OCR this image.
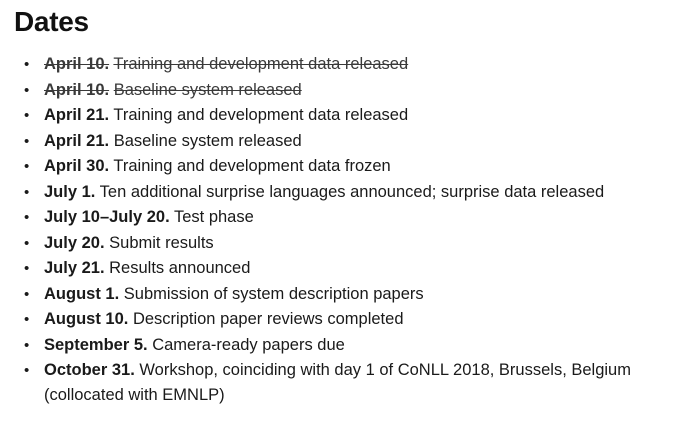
Dates
• April 10. Training and development data released
• April 10. Baseline system released
• April 21. Training and development data released
• April 21. Baseline system released
• April 30. Training and development data frozen
• July 1. Ten additional surprise languages announced; surprise data released
• July 10–July 20. Test phase
• July 20. Submit results
• July 21. Results announced
• August 1. Submission of system description papers
• August 10. Description paper reviews completed
• September 5. Camera-ready papers due
• October 31. Workshop, coinciding with day 1 of CoNLL 2018, Brussels, Belgium (collocated with EMNLP)
